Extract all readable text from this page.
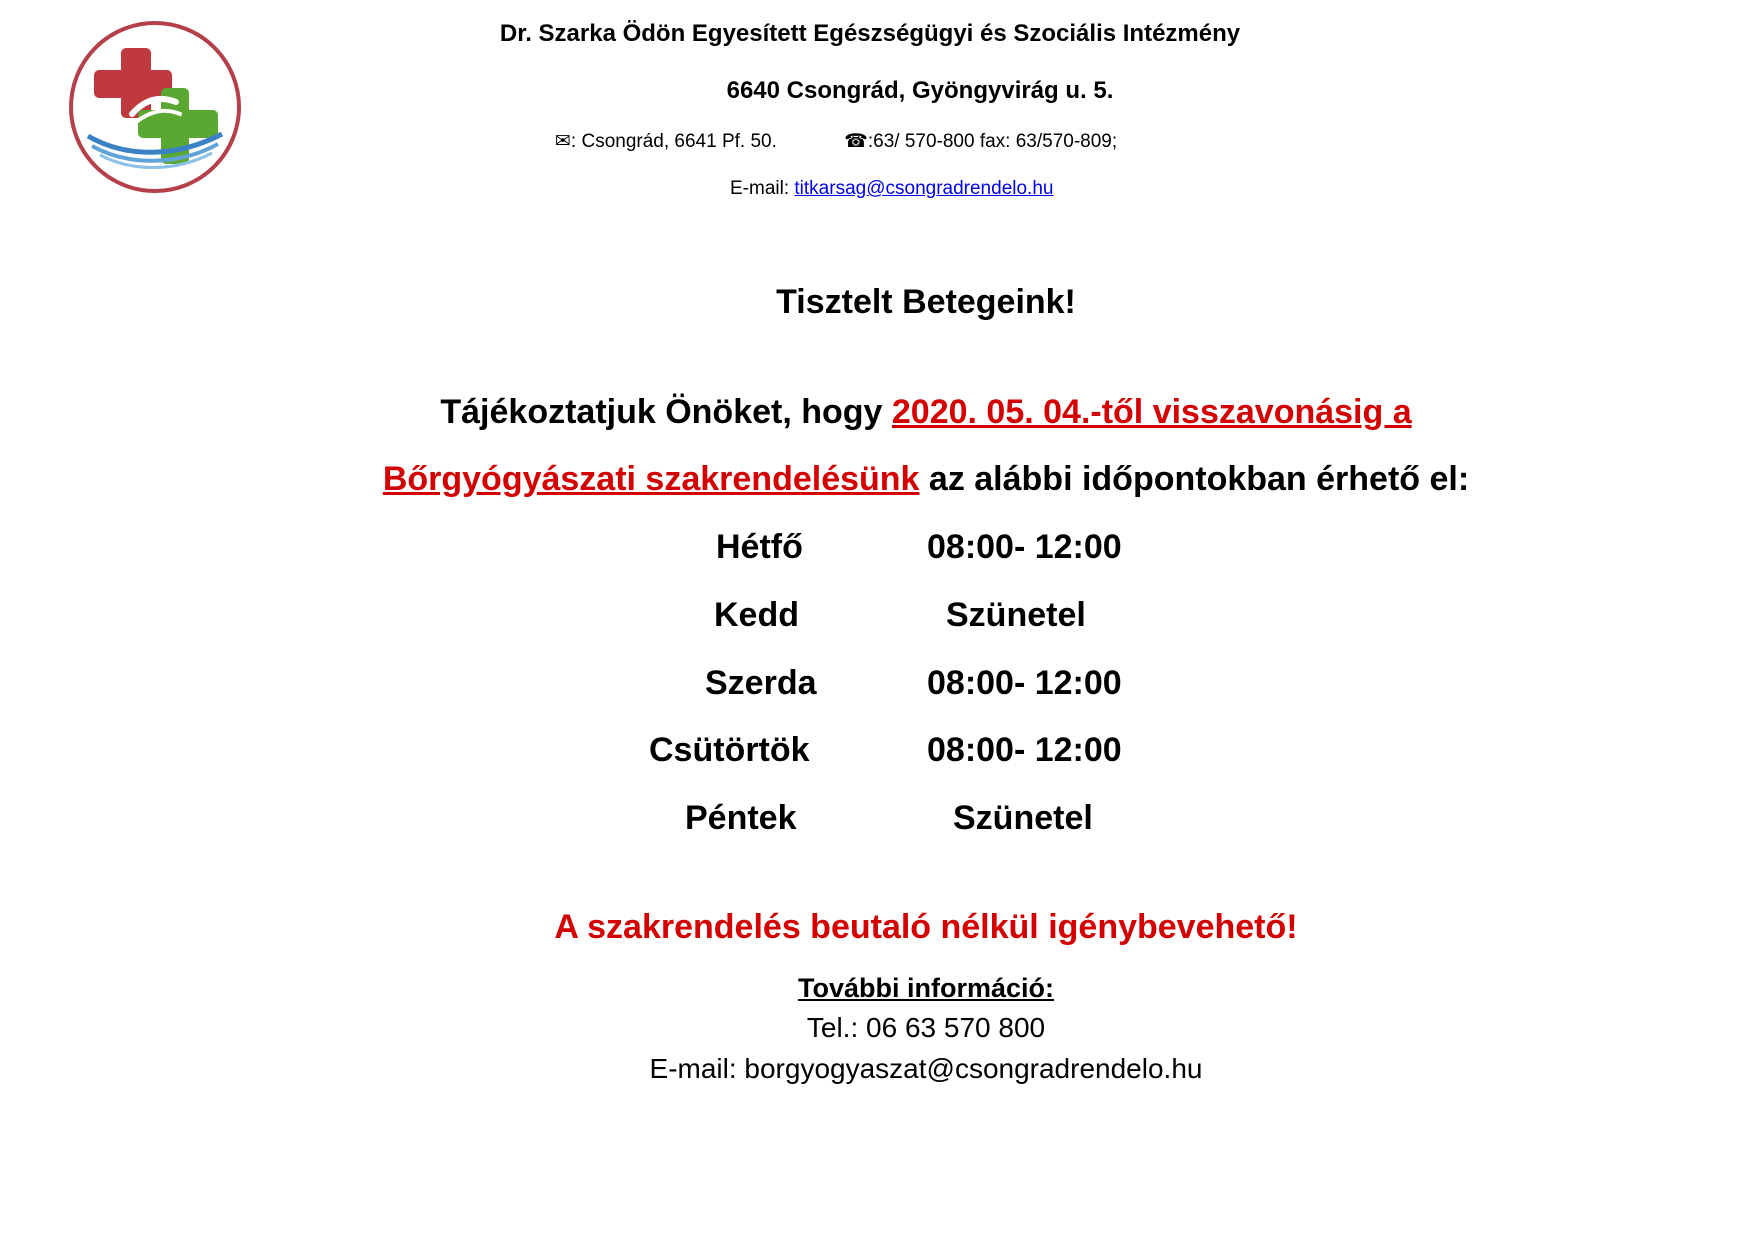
Dr. Szarka Ödön Egyesített Egészségügyi és Szociális Intézmény
6640 Csongrád, Gyöngyvirág u. 5.
✉: Csongrád, 6641 Pf. 50.	☎:63/ 570-800 fax: 63/570-809;
E-mail: titkarsag@csongradrendelo.hu
Tisztelt Betegeink!
Tájékoztatjuk Önöket, hogy 2020. 05. 04.-től visszavonásig a
Bőrgyógyászati szakrendelésünk az alábbi időpontokban érhető el:
Hétfő	08:00- 12:00
Kedd	Szünetel
Szerda	08:00- 12:00
Csütörtök	08:00- 12:00
Péntek	Szünetel
A szakrendelés beutaló nélkül igénybevehető!
További információ:
Tel.: 06 63 570 800
E-mail: borgyogyaszat@csongradrendelo.hu
